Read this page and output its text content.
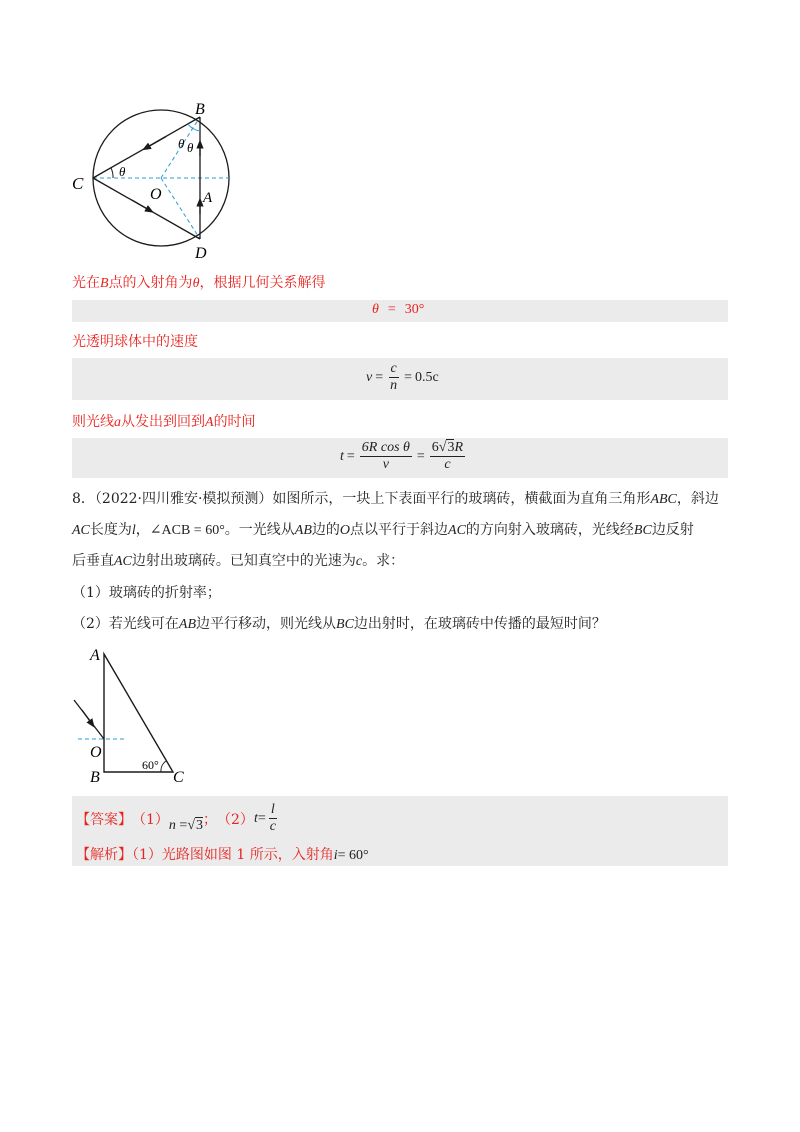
B
C
D
O	A
θ θ
θ
光在B点的入射角为θ，根据几何关系解得
θ = 30°
光透明球体中的速度
$v = \frac{c}{n} = 0.5c$
则光线a从发出到回到A的时间
$t = \frac{\text{6R cos θ}}{v} = \frac{6√3R}{c}$
8．（2022·四川雅安·模拟预测）如图所示，一块上下表面平行的玻璃砖，横截面为直角三角形ABC，斜边
AC长度为l，∠ACB = 60°。一光线从AB边的O点以平行于斜边AC的方向射入玻璃砖，光线经BC边反射
后垂直AC边射出玻璃砖。已知真空中的光速为c。求：
（1）玻璃砖的折射率；
（2）若光线可在AB边平行移动，则光线从BC边出射时，在玻璃砖中传播的最短时间？
A
O
B	C
60°
【答案】 （1） n =√3 ； （2） $t = \frac{l}{c}$
【解析】（1）光路图如图 1 所示，入射角i= 60°
